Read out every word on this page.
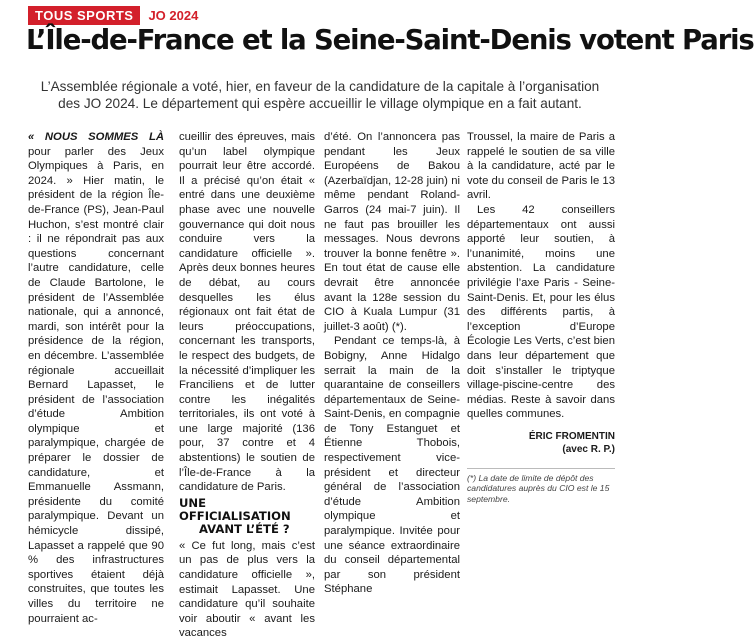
TOUS SPORTS	JO 2024
L’Île-de-France et la Seine-Saint-Denis votent Paris

L’Assemblée régionale a voté, hier, en faveur de la candidature de la capitale à l’organisation des JO 2024. Le département qui espère accueillir le village olympique en a fait autant.

« NOUS SOMMES LÀ pour parler des Jeux Olympiques à Paris, en 2024. » Hier matin, le président de la région Île-de-France (PS), Jean-Paul Huchon, s’est montré clair : il ne répondrait pas aux questions concernant l’autre candidature, celle de Claude Bartolone, le président de l’Assemblée nationale, qui a annoncé, mardi, son intérêt pour la présidence de la région, en décembre. L’assemblée régionale accueillait Bernard Lapasset, le président de l’association d’étude Ambition olympique et paralympique, chargée de préparer le dossier de candidature, et Emmanuelle Assmann, présidente du comité paralympique. Devant un hémicycle dissipé, Lapasset a rappelé que 90 % des infrastructures sportives étaient déjà construites, que toutes les villes du territoire ne pourraient ac-

cueillir des épreuves, mais qu’un label olympique pourrait leur être accordé. Il a précisé qu’on était « entré dans une deuxième phase avec une nouvelle gouvernance qui doit nous conduire vers la candidature officielle ». Après deux bonnes heures de débat, au cours desquelles les élus régionaux ont fait état de leurs préoccupations, concernant les transports, le respect des budgets, de la nécessité d’impliquer les Franciliens et de lutter contre les inégalités territoriales, ils ont voté à une large majorité (136 pour, 37 contre et 4 abstentions) le soutien de l’Île-de-France à la candidature de Paris.

UNE OFFICIALISATION
AVANT L’ÉTÉ ?

« Ce fut long, mais c’est un pas de plus vers la candidature officielle », estimait Lapasset. Une candidature qu’il souhaite voir aboutir « avant les vacances

d’été. On l’annoncera pas pendant les Jeux Européens de Bakou (Azerbaïdjan, 12-28 juin) ni même pendant Roland-Garros (24 mai-7 juin). Il ne faut pas brouiller les messages. Nous devrons trouver la bonne fenêtre ». En tout état de cause elle devrait être annoncée avant la 128e session du CIO à Kuala Lumpur (31 juillet-3 août) (*).

Pendant ce temps-là, à Bobigny, Anne Hidalgo serrait la main de la quarantaine de conseillers départementaux de Seine-Saint-Denis, en compagnie de Tony Estanguet et Étienne Thobois, respectivement vice-président et directeur général de l’association d’étude Ambition olympique et paralympique. Invitée pour une séance extraordinaire du conseil départemental par son président Stéphane

Troussel, la maire de Paris a rappelé le soutien de sa ville à la candidature, acté par le vote du conseil de Paris le 13 avril.

Les 42 conseillers départementaux ont aussi apporté leur soutien, à l’unanimité, moins une abstention. La candidature privilégie l’axe Paris - Seine-Saint-Denis. Et, pour les élus des différents partis, à l’exception d’Europe Écologie Les Verts, c’est bien dans leur département que doit s’installer le triptyque village-piscine-centre des médias. Reste à savoir dans quelles communes.

ÉRIC FROMENTIN
(avec R. P.)
(*) La date de limite de dépôt des candidatures auprès du CIO est le 15 septembre.
